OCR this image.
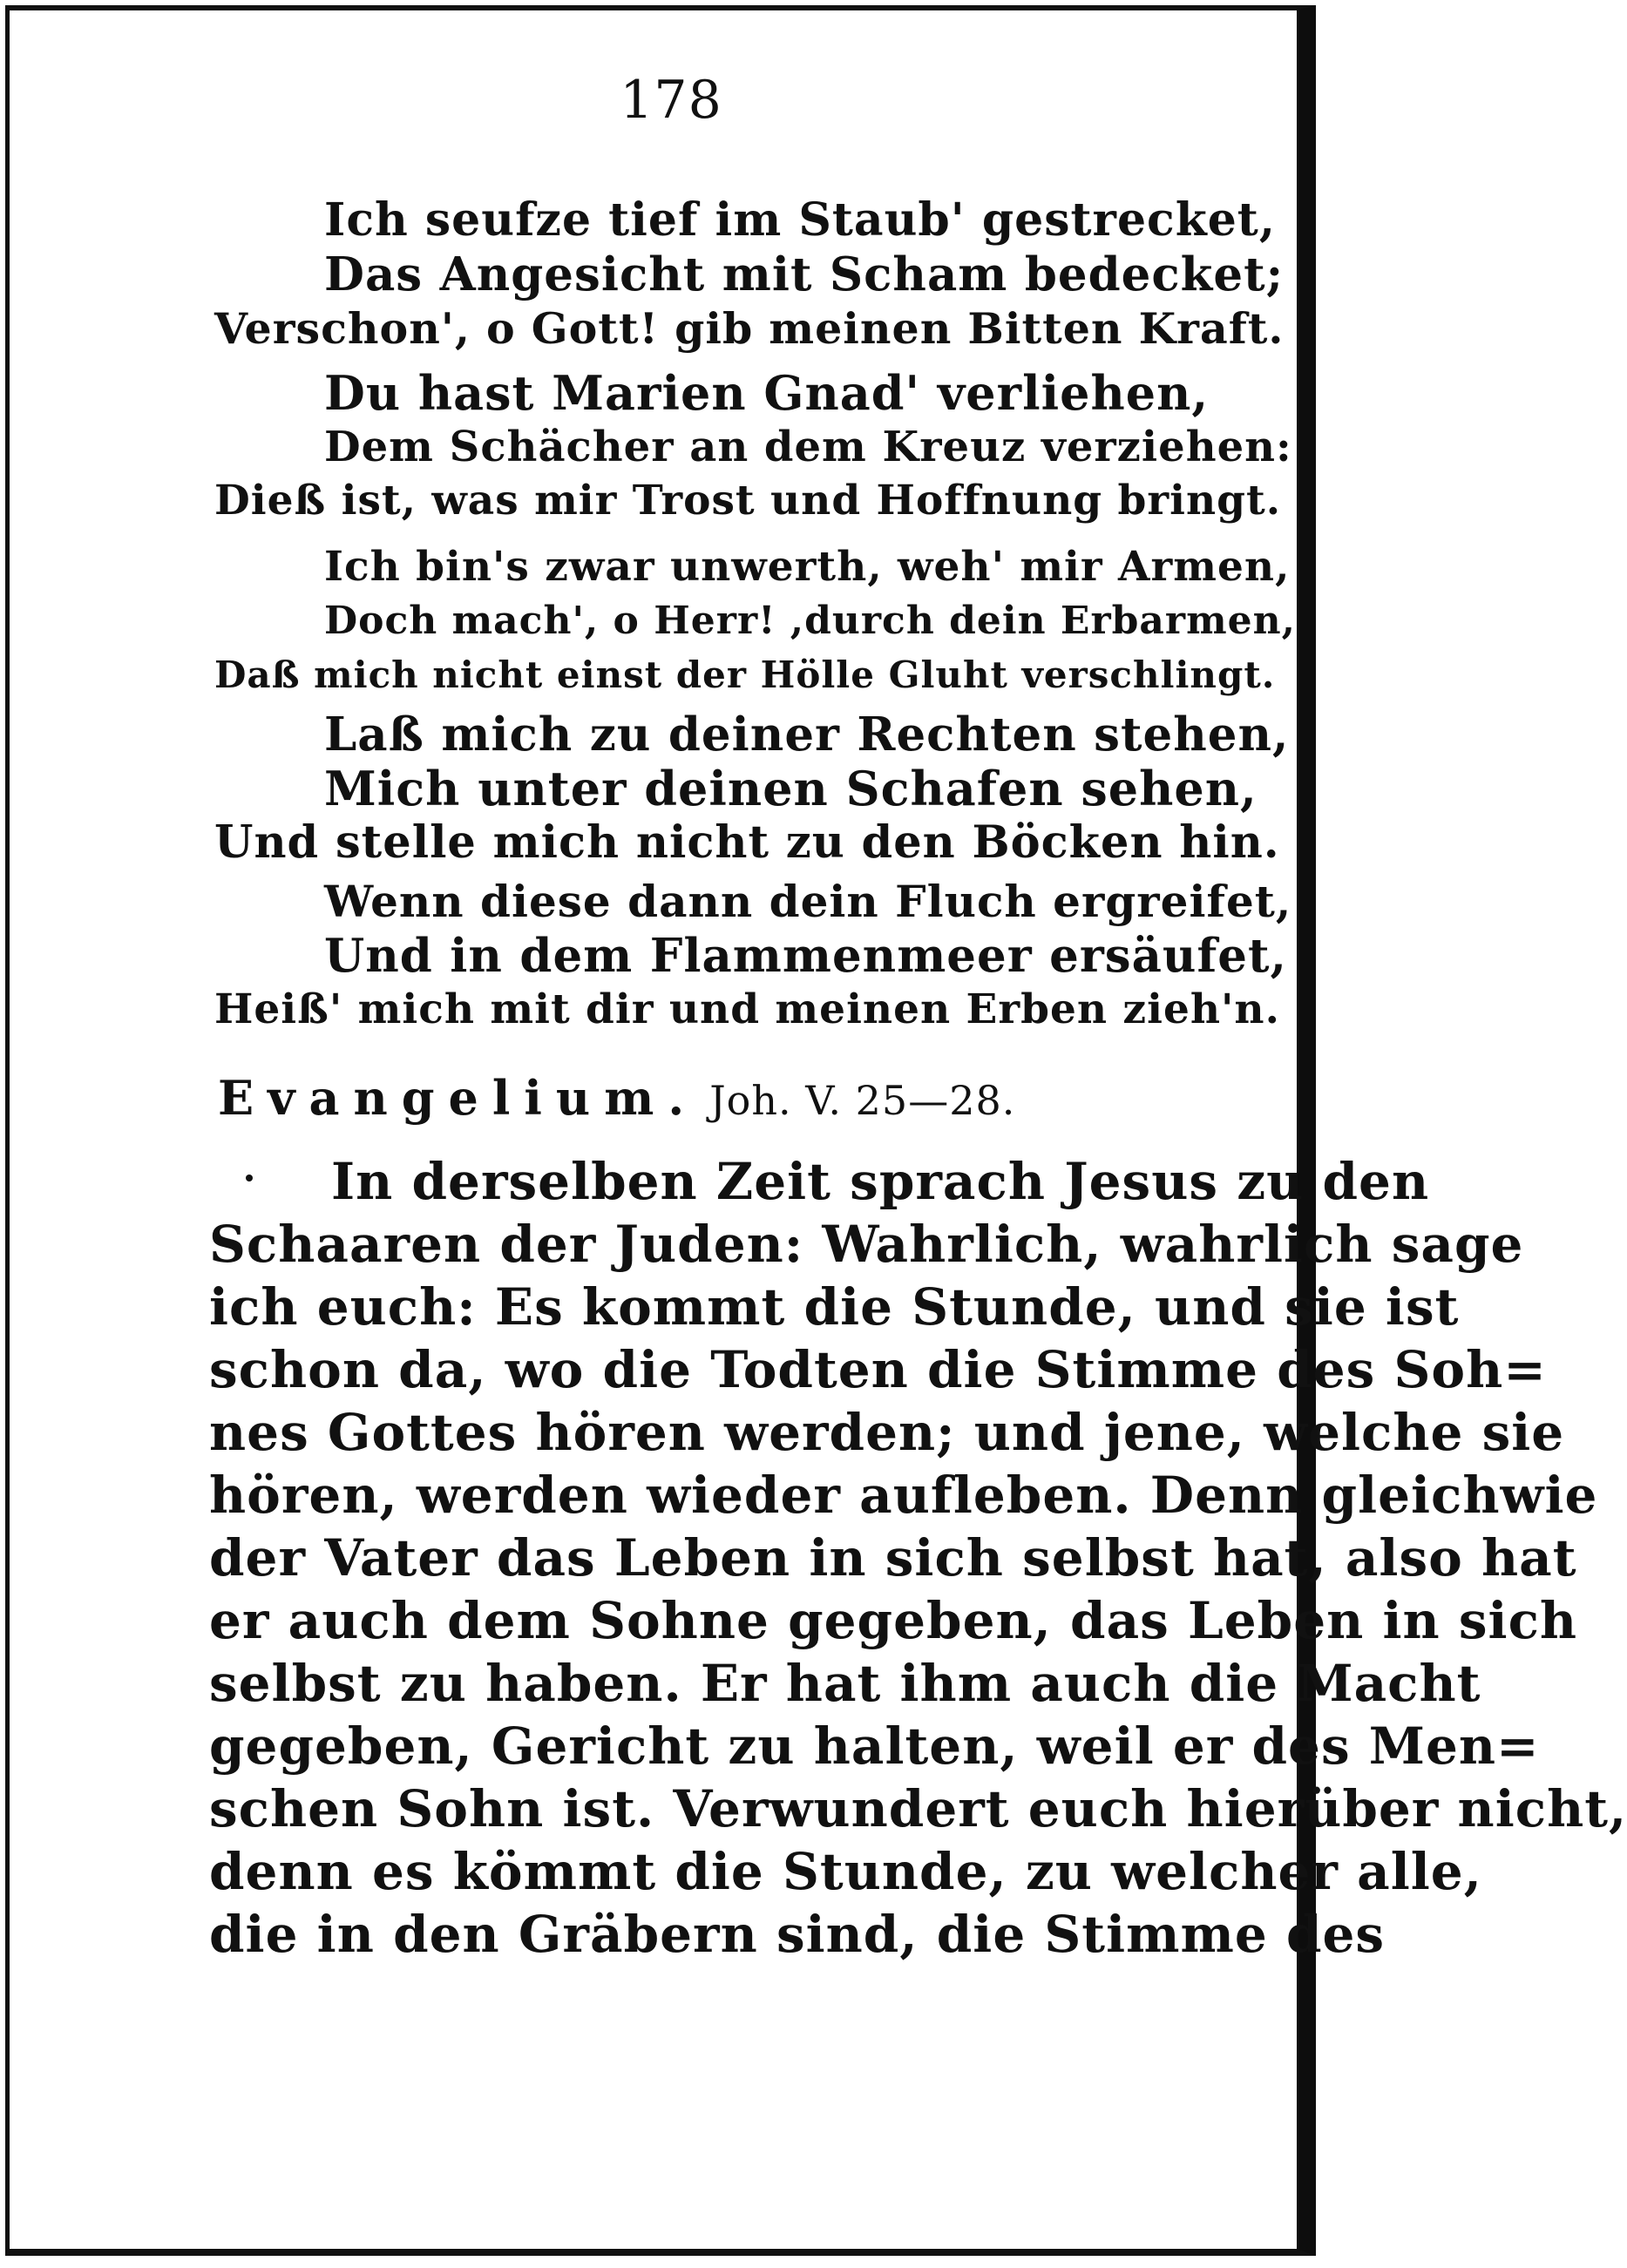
178
Ich seufze tief im Staub' gestrecket,
Das Angesicht mit Scham bedecket;
Verschon', o Gott! gib meinen Bitten Kraft.
Du hast Marien Gnad' verliehen,
Dem Schächer an dem Kreuz verziehen:
Dieß ist, was mir Trost und Hoffnung bringt.
Ich bin's zwar unwerth, weh' mir Armen,
Doch mach', o Herr! ,durch dein Erbarmen,
Daß mich nicht einst der Hölle Gluht verschlingt.
Laß mich zu deiner Rechten stehen,
Mich unter deinen Schafen sehen,
Und stelle mich nicht zu den Böcken hin.
Wenn diese dann dein Fluch ergreifet,
Und in dem Flammenmeer ersäufet,
Heiß' mich mit dir und meinen Erben zieh'n.
Evangelium. Joh. V. 25—28.
In derselben Zeit sprach Jesus zu den
Schaaren der Juden: Wahrlich, wahrlich sage
ich euch: Es kommt die Stunde, und sie ist
schon da, wo die Todten die Stimme des Soh=
nes Gottes hören werden; und jene, welche sie
hören, werden wieder aufleben. Denn gleichwie
der Vater das Leben in sich selbst hat, also hat
er auch dem Sohne gegeben, das Leben in sich
selbst zu haben. Er hat ihm auch die Macht
gegeben, Gericht zu halten, weil er des Men=
schen Sohn ist. Verwundert euch hierüber nicht,
denn es kömmt die Stunde, zu welcher alle,
die in den Gräbern sind, die Stimme des
